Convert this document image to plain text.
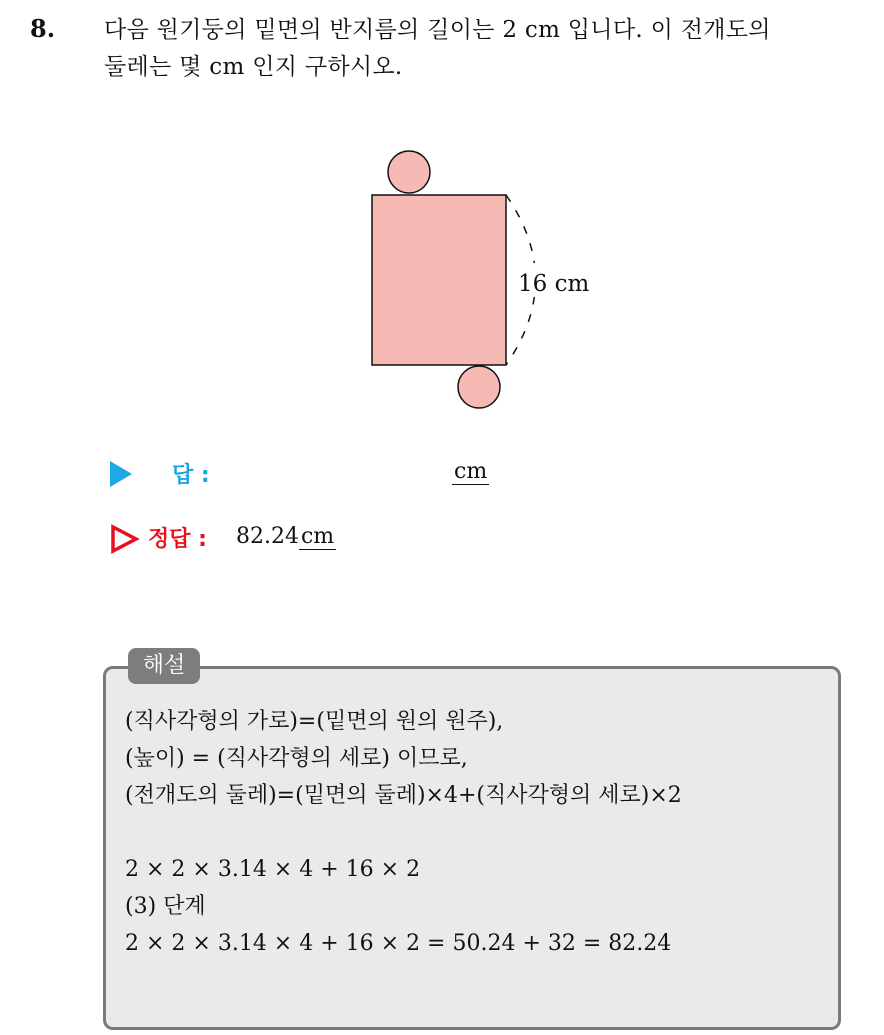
8. 다음 원기둥의 밑면의 반지름의 길이는 2 cm 입니다. 이 전개도의
둘레는 몇 cm 인지 구하시오.
16 cm
답 :	cm
정답 : 82.24cm
해설
(직사각형의 가로)=(밑면의 원의 원주),
(높이) = (직사각형의 세로) 이므로,
(전개도의 둘레)=(밑면의 둘레)×4+(직사각형의 세로)×2
2 × 2 × 3.14 × 4 + 16 × 2
(3) 단계
2 × 2 × 3.14 × 4 + 16 × 2 = 50.24 + 32 = 82.24
